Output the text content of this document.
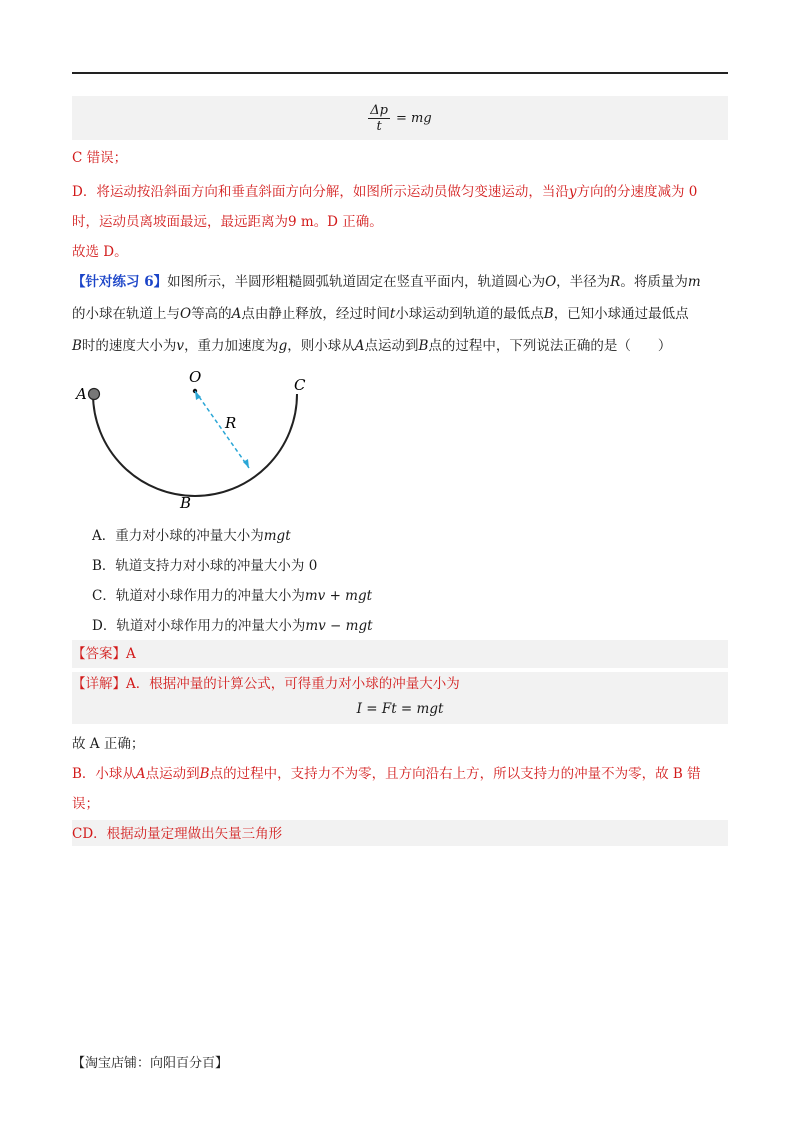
$\frac{\Delta p}{t}$ = mg
C 错误；
D．将运动按沿斜面方向和垂直斜面方向分解，如图所示运动员做匀变速运动，当沿y方向的分速度减为 0
时，运动员离坡面最远，最远距离为9 m。D 正确。
故选 D。
【针对练习 6】如图所示，半圆形粗糙圆弧轨道固定在竖直平面内，轨道圆心为O，半径为R。将质量为m
的小球在轨道上与O等高的A点由静止释放，经过时间t小球运动到轨道的最低点B，已知小球通过最低点
B时的速度大小为v，重力加速度为g，则小球从A点运动到B点的过程中，下列说法正确的是（　　）
A
O	C
R
B
A．重力对小球的冲量大小为mgt
B．轨道支持力对小球的冲量大小为 0
C．轨道对小球作用力的冲量大小为mv + mgt
D．轨道对小球作用力的冲量大小为mv − mgt
【答案】A
【详解】A．根据冲量的计算公式，可得重力对小球的冲量大小为
I = Ft = mgt
故 A 正确；
B．小球从A点运动到B点的过程中，支持力不为零，且方向沿右上方，所以支持力的冲量不为零，故 B 错
误；
CD．根据动量定理做出矢量三角形
【淘宝店铺：向阳百分百】
